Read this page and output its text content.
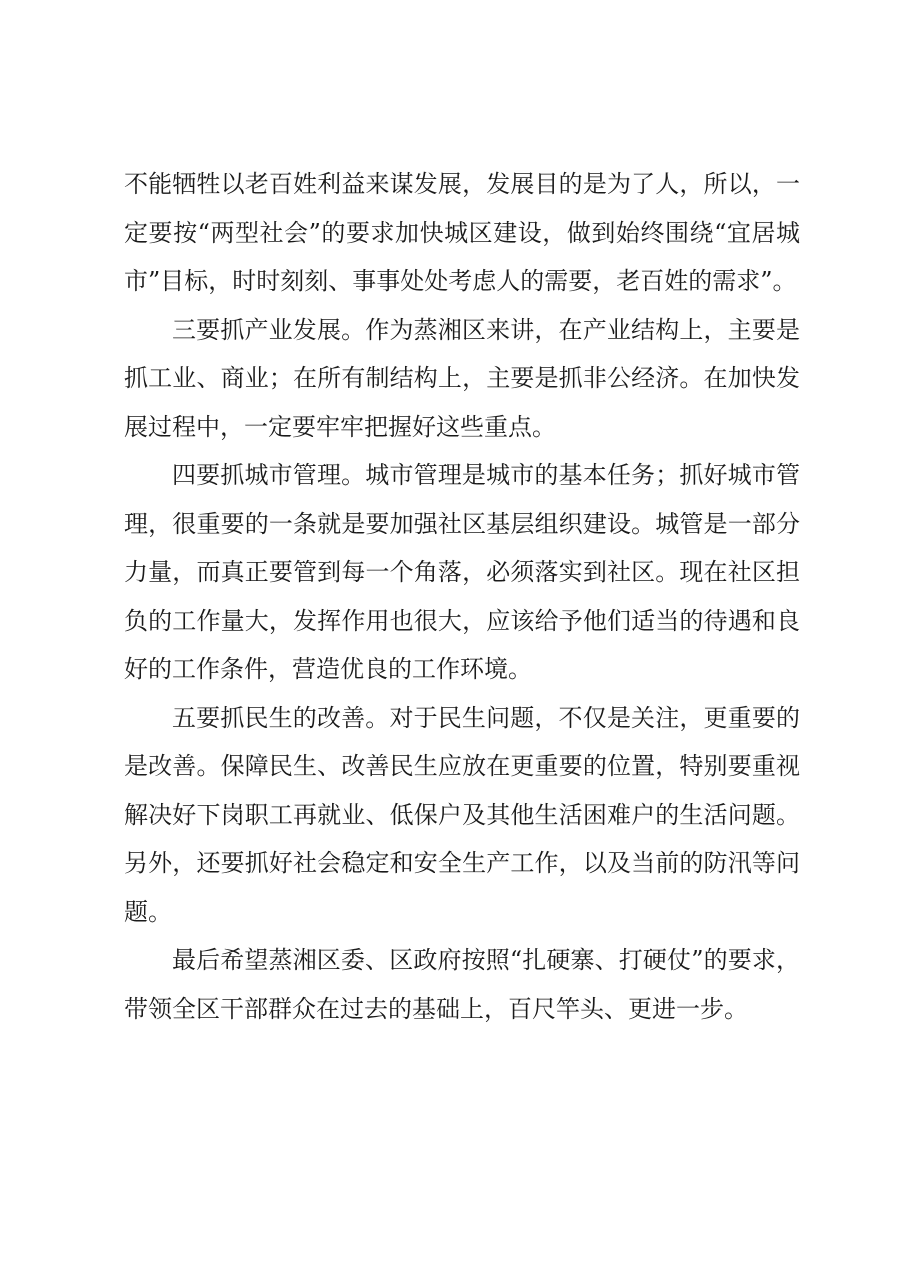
不能牺牲以老百姓利益来谋发展，发展目的是为了人，所以，一定要按“两型社会”的要求加快城区建设，做到始终围绕“宜居城市”目标，时时刻刻、事事处处考虑人的需要，老百姓的需求”。

三要抓产业发展。作为蒸湘区来讲，在产业结构上，主要是抓工业、商业；在所有制结构上，主要是抓非公经济。在加快发展过程中，一定要牢牢把握好这些重点。

四要抓城市管理。城市管理是城市的基本任务；抓好城市管理，很重要的一条就是要加强社区基层组织建设。城管是一部分力量，而真正要管到每一个角落，必须落实到社区。现在社区担负的工作量大，发挥作用也很大，应该给予他们适当的待遇和良好的工作条件，营造优良的工作环境。

五要抓民生的改善。对于民生问题，不仅是关注，更重要的是改善。保障民生、改善民生应放在更重要的位置，特别要重视解决好下岗职工再就业、低保户及其他生活困难户的生活问题。另外，还要抓好社会稳定和安全生产工作，以及当前的防汛等问题。

最后希望蒸湘区委、区政府按照“扎硬寨、打硬仗”的要求，带领全区干部群众在过去的基础上，百尺竿头、更进一步。
